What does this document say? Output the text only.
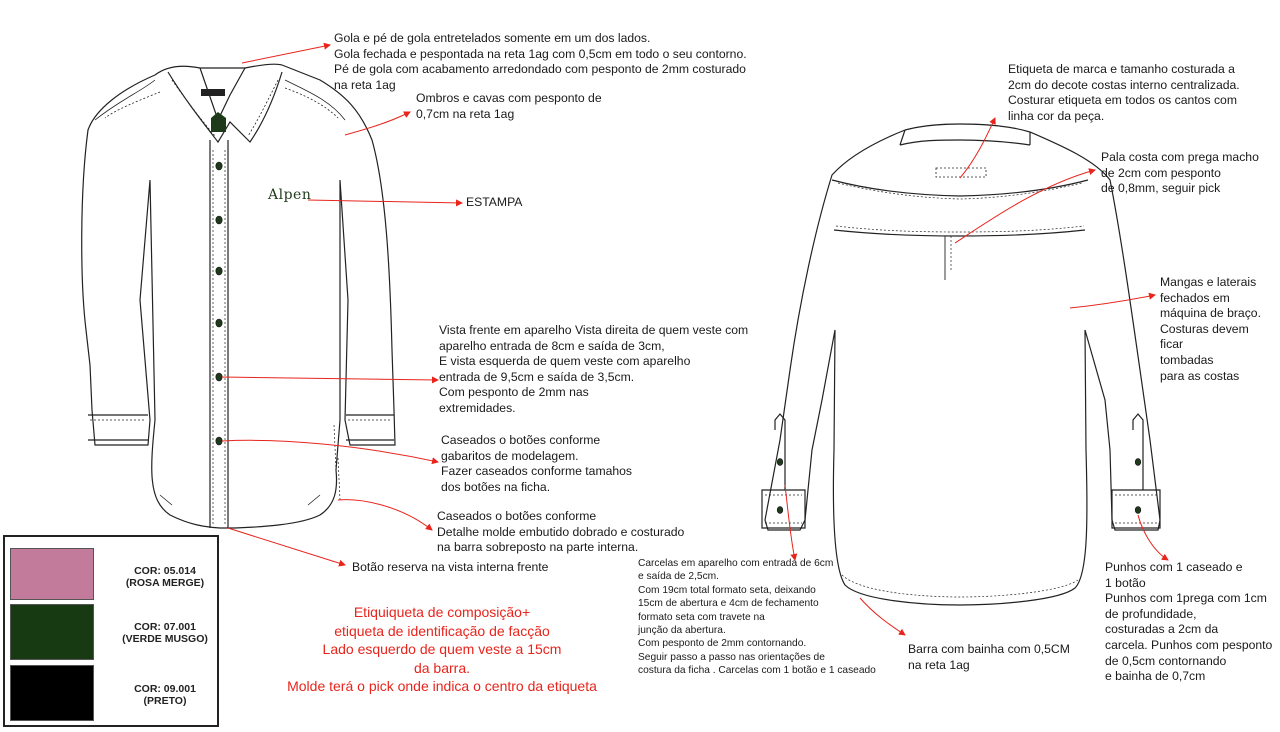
Alpen

Gola e pé de gola entretelados somente em um dos lados.
Gola fechada e pespontada na reta 1ag com 0,5cm em todo o seu contorno.
Pé de gola com acabamento arredondado com pesponto de 2mm costurado
na reta 1ag

Ombros e cavas com pesponto de
0,7cm na reta 1ag

ESTAMPA

Vista frente em aparelho Vista direita de quem veste com
aparelho entrada de 8cm e saída de 3cm,
E vista esquerda de quem veste com aparelho
entrada de 9,5cm e saída de 3,5cm.
Com pesponto de 2mm nas
extremidades.

Caseados o botões conforme
gabaritos de modelagem.
Fazer caseados conforme tamahos
dos botões na ficha.

Caseados o botões conforme
Detalhe molde embutido dobrado e costurado
na barra sobreposto na parte interna.

Botão reserva na vista interna frente

Etiqueta de marca e tamanho costurada a
2cm do decote costas interno centralizada.
Costurar etiqueta em todos os cantos com
linha cor da peça.

Pala costa com prega macho
de 2cm com pesponto
de 0,8mm, seguir pick

Mangas e laterais
fechados em
máquina de braço.
Costuras devem
ficar
tombadas
para as costas

Carcelas em aparelho com entrada de 6cm
e saída de 2,5cm.
Com 19cm total formato seta, deixando
15cm de abertura e 4cm de fechamento
formato seta com travete na
junção da abertura.
Com pesponto de 2mm contornando.
Seguir passo a passo nas orientações de
costura da ficha . Carcelas com 1 botão e 1 caseado

Barra com bainha com 0,5CM
na reta 1ag

Punhos com 1 caseado e
1 botão
Punhos com 1prega com 1cm
de profundidade,
costuradas a 2cm da
carcela. Punhos com pesponto
de 0,5cm contornando
e bainha de 0,7cm

Etiquiqueta de composição+
etiqueta de identificação de facção
Lado esquerdo de quem veste a 15cm
da barra.
Molde terá o pick onde indica o centro da etiqueta

COR: 05.014
(ROSA MERGE)
COR: 07.001
(VERDE MUSGO)
COR: 09.001
(PRETO)
